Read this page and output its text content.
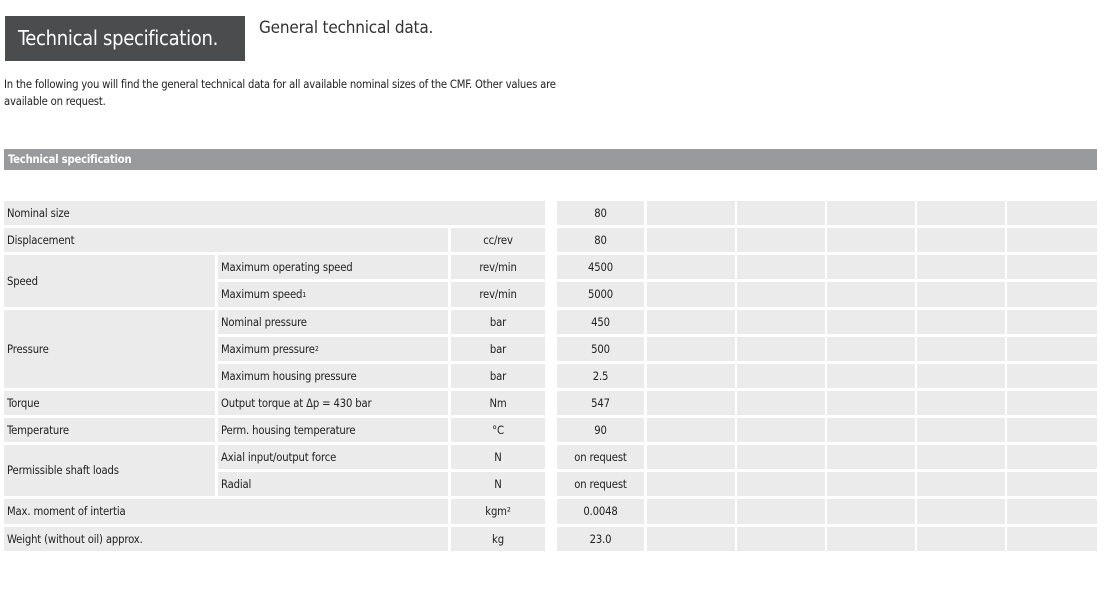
Technical specification.	General technical data.
In the following you will find the general technical data for all available nominal sizes of the CMF. Other values are available on request.
Technical specification
Nominal size	80
Displacement	cc/rev	80
Speed
Maximum operating speed	rev/min	4500
Maximum speed 1	rev/min	5000
Pressure
Nominal pressure	bar	450
Maximum pressure 2	bar	500
Maximum housing pressure	bar	2.5
Torque	Output torque at Δp = 430 bar	Nm	547
Temperature	Perm. housing temperature	°C	90
Permissible shaft loads
Axial input/output force	N	on request
Radial	N	on request
Max. moment of intertia	kgm²	0.0048
Weight (without oil) approx.	kg	23.0
